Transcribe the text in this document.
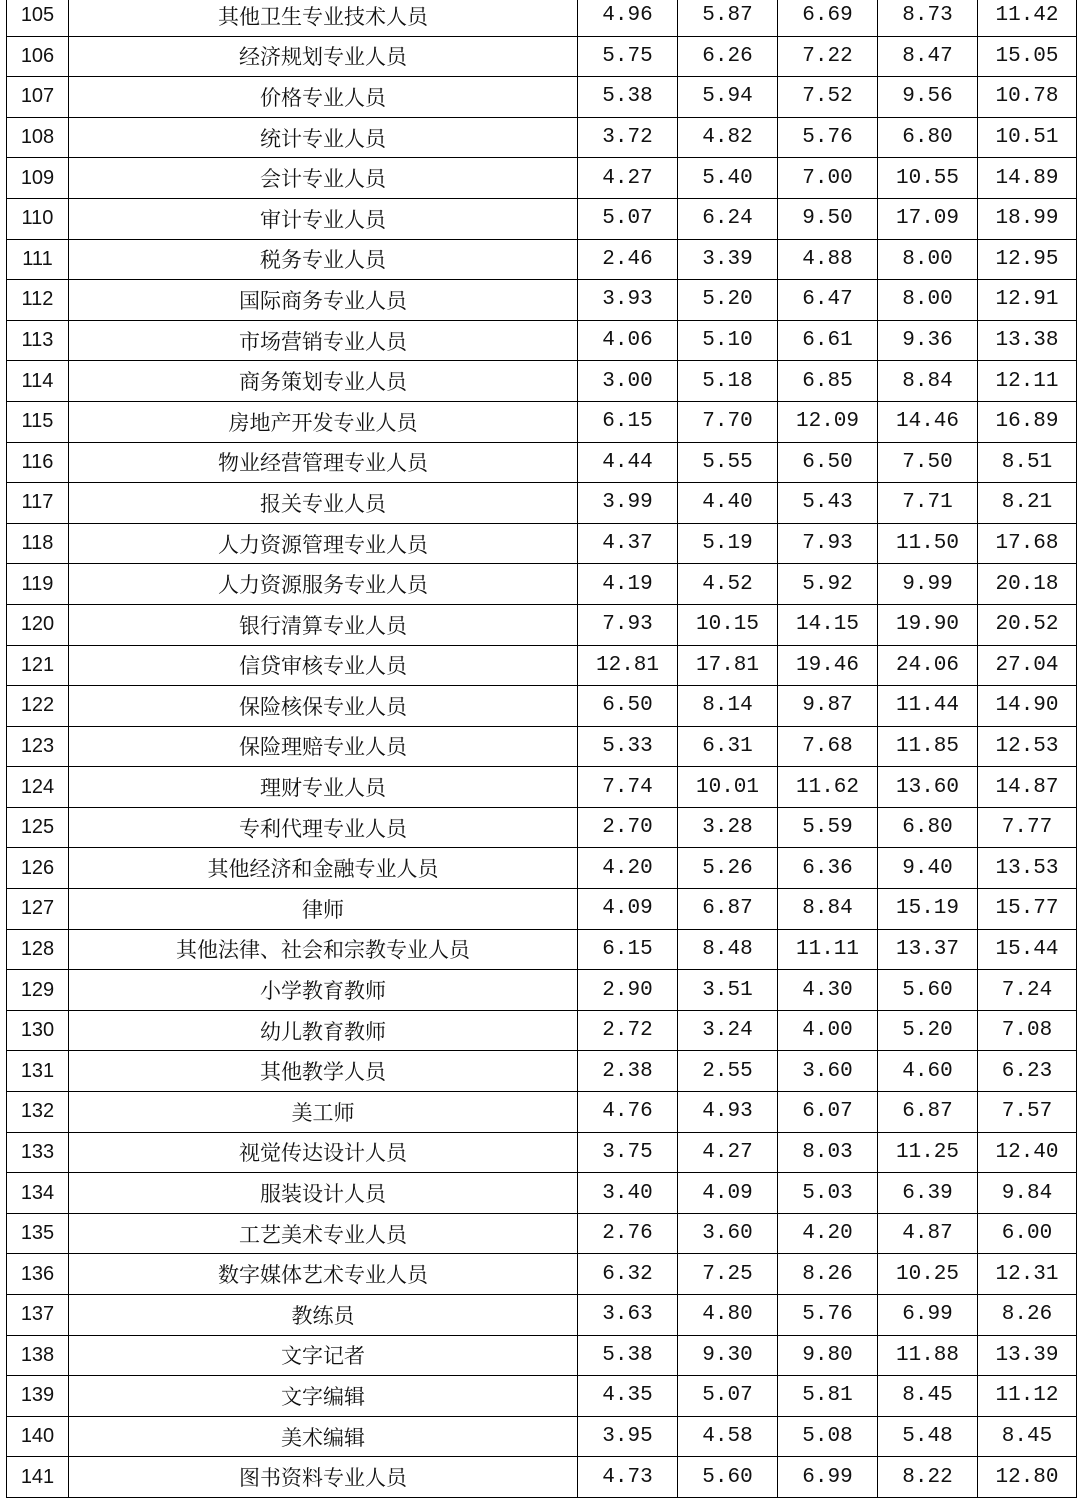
105	其他卫生专业技术人员	4.96	5.87	6.69	8.73	11.42
106	经济规划专业人员	5.75	6.26	7.22	8.47	15.05
107	价格专业人员	5.38	5.94	7.52	9.56	10.78
108	统计专业人员	3.72	4.82	5.76	6.80	10.51
109	会计专业人员	4.27	5.40	7.00	10.55	14.89
110	审计专业人员	5.07	6.24	9.50	17.09	18.99
111	税务专业人员	2.46	3.39	4.88	8.00	12.95
112	国际商务专业人员	3.93	5.20	6.47	8.00	12.91
113	市场营销专业人员	4.06	5.10	6.61	9.36	13.38
114	商务策划专业人员	3.00	5.18	6.85	8.84	12.11
115	房地产开发专业人员	6.15	7.70	12.09	14.46	16.89
116	物业经营管理专业人员	4.44	5.55	6.50	7.50	8.51
117	报关专业人员	3.99	4.40	5.43	7.71	8.21
118	人力资源管理专业人员	4.37	5.19	7.93	11.50	17.68
119	人力资源服务专业人员	4.19	4.52	5.92	9.99	20.18
120	银行清算专业人员	7.93	10.15	14.15	19.90	20.52
121	信贷审核专业人员	12.81	17.81	19.46	24.06	27.04
122	保险核保专业人员	6.50	8.14	9.87	11.44	14.90
123	保险理赔专业人员	5.33	6.31	7.68	11.85	12.53
124	理财专业人员	7.74	10.01	11.62	13.60	14.87
125	专利代理专业人员	2.70	3.28	5.59	6.80	7.77
126	其他经济和金融专业人员	4.20	5.26	6.36	9.40	13.53
127	律师	4.09	6.87	8.84	15.19	15.77
128	其他法律、社会和宗教专业人员	6.15	8.48	11.11	13.37	15.44
129	小学教育教师	2.90	3.51	4.30	5.60	7.24
130	幼儿教育教师	2.72	3.24	4.00	5.20	7.08
131	其他教学人员	2.38	2.55	3.60	4.60	6.23
132	美工师	4.76	4.93	6.07	6.87	7.57
133	视觉传达设计人员	3.75	4.27	8.03	11.25	12.40
134	服装设计人员	3.40	4.09	5.03	6.39	9.84
135	工艺美术专业人员	2.76	3.60	4.20	4.87	6.00
136	数字媒体艺术专业人员	6.32	7.25	8.26	10.25	12.31
137	教练员	3.63	4.80	5.76	6.99	8.26
138	文字记者	5.38	9.30	9.80	11.88	13.39
139	文字编辑	4.35	5.07	5.81	8.45	11.12
140	美术编辑	3.95	4.58	5.08	5.48	8.45
141	图书资料专业人员	4.73	5.60	6.99	8.22	12.80
